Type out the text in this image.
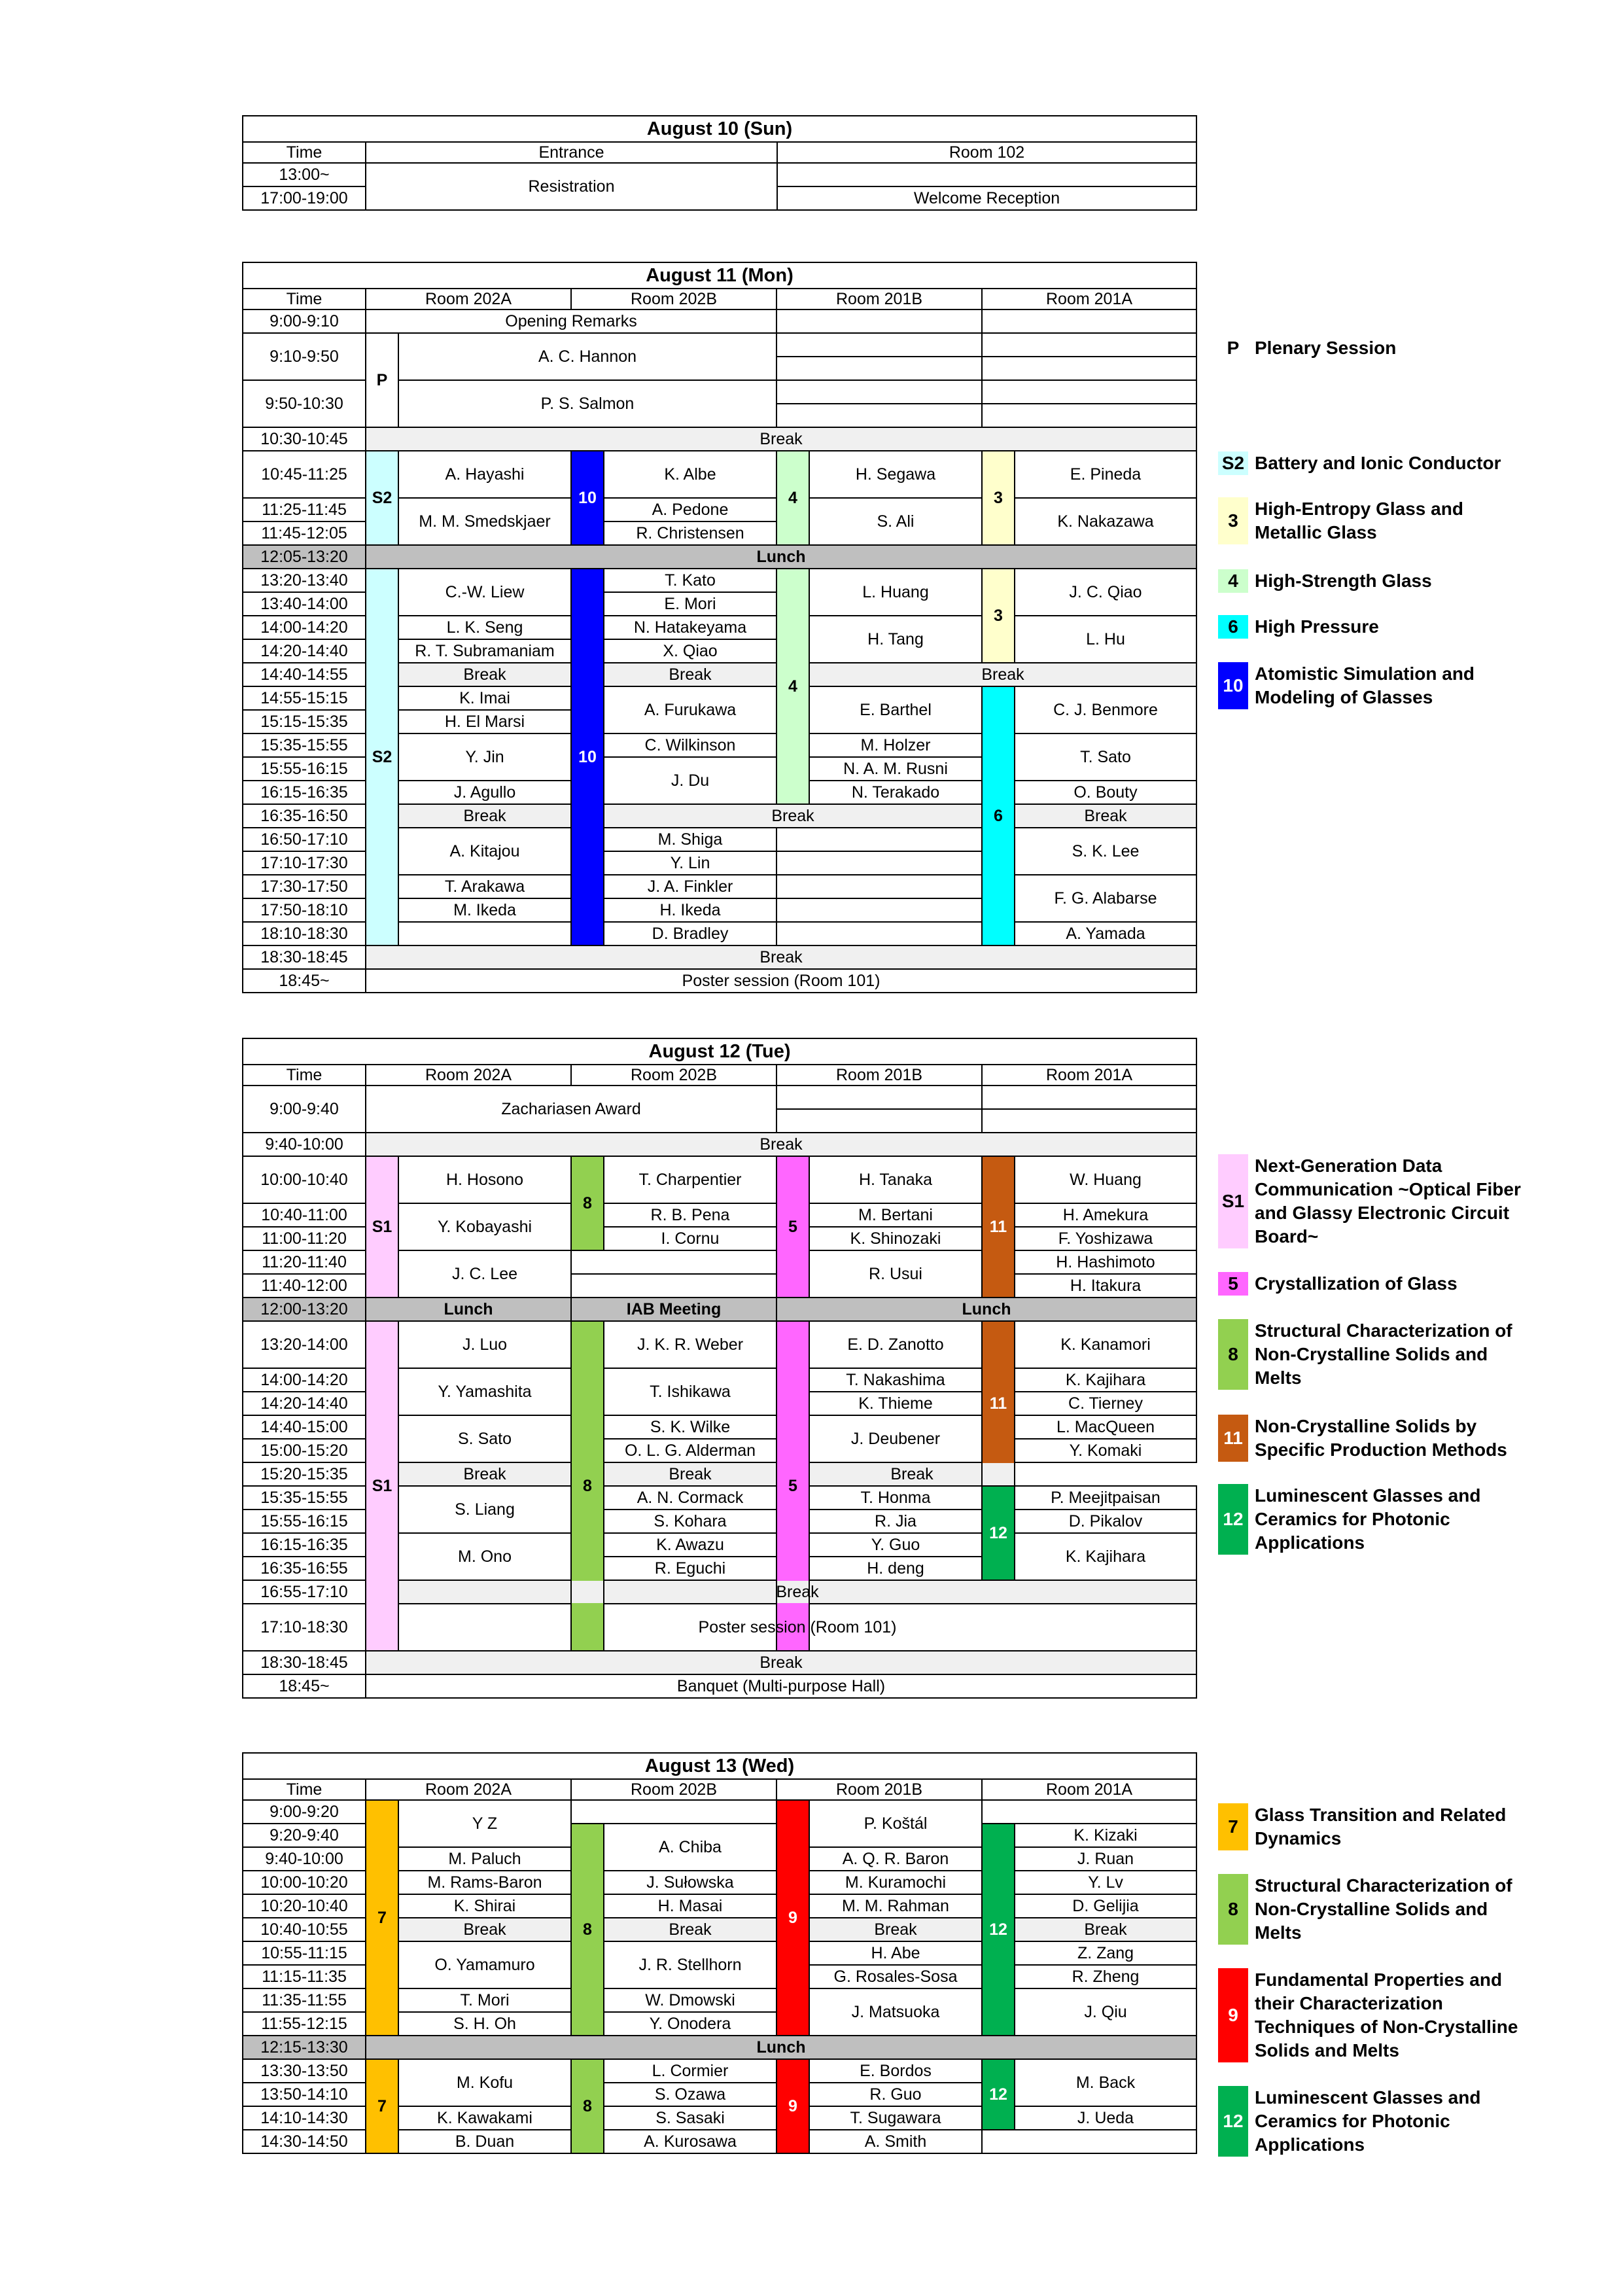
August 10 (Sun)		
Time	Entrance	Room 102
13:00~	Resistration	
17:00-19:00		Welcome Reception
August 11 (Mon)								
Time	Room 202A		Room 202B		Room 201B		Room 201A	
9:00-9:10	Opening Remarks							
9:10-9:50	P	A. C. Hannon						

9:50-10:30		P. S. Salmon						

10:30-10:45	Break							
10:45-11:25	S2	A. Hayashi	10	K. Albe	4	H. Segawa	3	E. Pineda
11:25-11:45		M. M. Smedskjaer		A. Pedone		S. Ali		K. Nakazawa
11:45-12:05				R. Christensen				
12:05-13:20	Lunch							
13:20-13:40	S2	C.-W. Liew	10	T. Kato	4	L. Huang	3	J. C. Qiao
13:40-14:00				E. Mori				
14:00-14:20		L. K. Seng		N. Hatakeyama		H. Tang		L. Hu
14:20-14:40		R. T. Subramaniam		X. Qiao				
14:40-14:55		Break		Break		Break		
14:55-15:15		K. Imai		A. Furukawa		E. Barthel	6	C. J. Benmore
15:15-15:35		H. El Marsi						
15:35-15:55		Y. Jin		C. Wilkinson		M. Holzer		T. Sato
15:55-16:15				J. Du		N. A. M. Rusni		
16:15-16:35		J. Agullo				N. Terakado		O. Bouty
16:35-16:50		Break		Break				Break
16:50-17:10		A. Kitajou		M. Shiga				S. K. Lee
17:10-17:30				Y. Lin				
17:30-17:50		T. Arakawa		J. A. Finkler				F. G. Alabarse
17:50-18:10		M. Ikeda		H. Ikeda				
18:10-18:30				D. Bradley				A. Yamada
18:30-18:45	Break							
18:45~	Poster session (Room 101)							
August 12 (Tue)								
Time	Room 202A		Room 202B		Room 201B		Room 201A	
9:00-9:40	Zachariasen Award							

9:40-10:00	Break							
10:00-10:40	S1	H. Hosono	8	T. Charpentier	5	H. Tanaka	11	W. Huang
10:40-11:00		Y. Kobayashi		R. B. Pena		M. Bertani		H. Amekura
11:00-11:20				I. Cornu		K. Shinozaki		F. Yoshizawa
11:20-11:40		J. C. Lee				R. Usui		H. Hashimoto
11:40-12:00								H. Itakura
12:00-13:20	Lunch		IAB Meeting		Lunch			
13:20-14:00	S1	J. Luo	8	J. K. R. Weber	5	E. D. Zanotto	11	K. Kanamori
14:00-14:20		Y. Yamashita		T. Ishikawa		T. Nakashima		K. Kajihara
14:20-14:40						K. Thieme		C. Tierney
14:40-15:00		S. Sato		S. K. Wilke		J. Deubener		L. MacQueen
15:00-15:20				O. L. G. Alderman				Y. Komaki
15:20-15:35		Break		Break		Break		
15:35-15:55		S. Liang		A. N. Cormack		T. Honma	12	P. Meejitpaisan
15:55-16:15				S. Kohara		R. Jia		D. Pikalov
16:15-16:35		M. Ono		K. Awazu		Y. Guo		K. Kajihara
16:35-16:55				R. Eguchi		H. deng		
16:55-17:10		Break						
17:10-18:30		Poster session (Room 101)						
18:30-18:45	Break							
18:45~	Banquet (Multi-purpose Hall)							
August 13 (Wed)								
Time	Room 202A		Room 202B		Room 201B		Room 201A	
9:00-9:20	7	Y Z			9	P. Koštál		
9:20-9:40			8	A. Chiba			12	K. Kizaki
9:40-10:00		M. Paluch				A. Q. R. Baron		J. Ruan
10:00-10:20		M. Rams-Baron		J. Sułowska		M. Kuramochi		Y. Lv
10:20-10:40		K. Shirai		H. Masai		M. M. Rahman		D. Gelijia
10:40-10:55		Break		Break		Break		Break
10:55-11:15		O. Yamamuro		J. R. Stellhorn		H. Abe		Z. Zang
11:15-11:35						G. Rosales-Sosa		R. Zheng
11:35-11:55		T. Mori		W. Dmowski		J. Matsuoka		J. Qiu
11:55-12:15		S. H. Oh		Y. Onodera				
12:15-13:30	Lunch							
13:30-13:50	7	M. Kofu	8	L. Cormier	9	E. Bordos	12	M. Back
13:50-14:10				S. Ozawa		R. Guo		
14:10-14:30		K. Kawakami		S. Sasaki		T. Sugawara		J. Ueda
14:30-14:50		B. Duan		A. Kurosawa		A. Smith		
P Plenary Session
S2 Battery and Ionic Conductor
3
High-Entropy Glass and Metallic Glass
4 High-Strength Glass
6 High Pressure
10
Atomistic Simulation and Modeling of Glasses
S1
Next-Generation Data Communication ~Optical Fiber and Glassy Electronic Circuit Board~
5 Crystallization of Glass
8
Structural Characterization of Non-Crystalline Solids and Melts
11
Non-Crystalline Solids by Specific Production Methods
12
Luminescent Glasses and Ceramics for Photonic Applications
7
Glass Transition and Related Dynamics
8
Structural Characterization of Non-Crystalline Solids and Melts
9
Fundamental Properties and their Characterization Techniques of Non-Crystalline Solids and Melts
12
Luminescent Glasses and Ceramics for Photonic Applications
